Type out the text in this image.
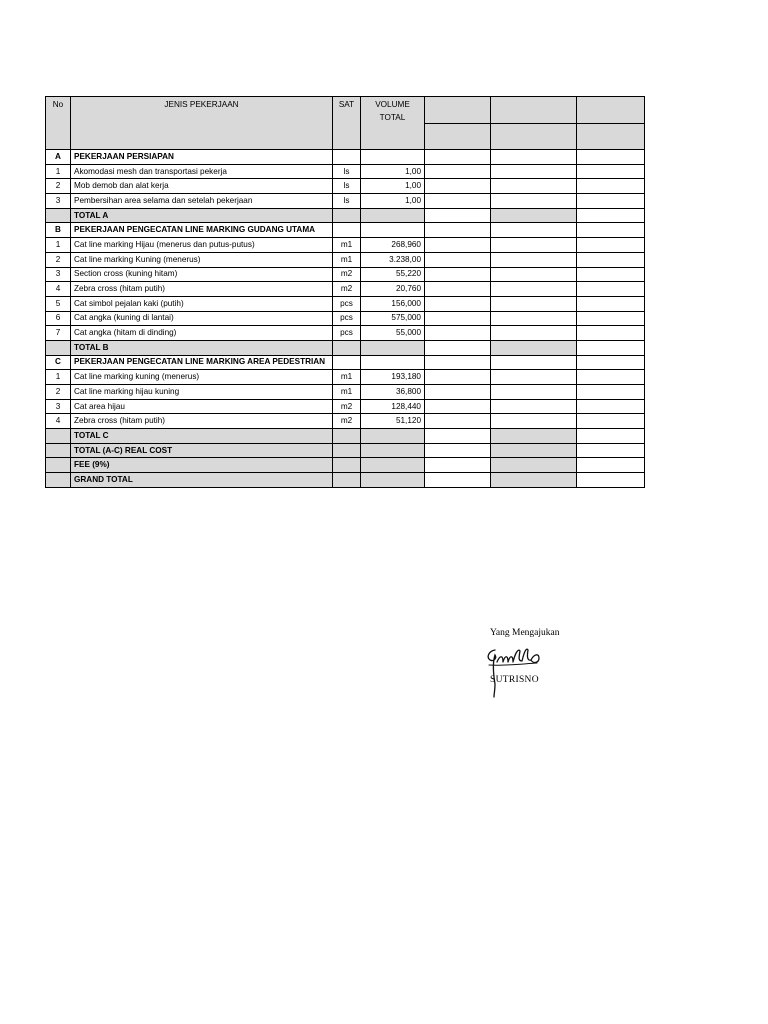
No	JENIS PEKERJAAN	SAT	VOLUME
TOTAL			

A	PEKERJAAN PERSIAPAN					
1	Akomodasi mesh dan transportasi pekerja	ls	1,00			
2	Mob demob dan alat kerja	ls	1,00			
3	Pembersihan area selama dan setelah pekerjaan	ls	1,00			
	TOTAL A					
B	PEKERJAAN PENGECATAN LINE MARKING GUDANG UTAMA					
1	Cat line marking Hijau (menerus dan putus-putus)	m1	268,960			
2	Cat line marking Kuning (menerus)	m1	3.238,00			
3	Section cross (kuning hitam)	m2	55,220			
4	Zebra cross (hitam putih)	m2	20,760			
5	Cat simbol pejalan kaki (putih)	pcs	156,000			
6	Cat angka (kuning di lantai)	pcs	575,000			
7	Cat angka (hitam di dinding)	pcs	55,000			
	TOTAL B					
C	PEKERJAAN PENGECATAN LINE MARKING AREA PEDESTRIAN					
1	Cat line marking kuning (menerus)	m1	193,180			
2	Cat line marking hijau kuning	m1	36,800			
3	Cat area hijau	m2	128,440			
4	Zebra cross (hitam putih)	m2	51,120			
	TOTAL C					
	TOTAL (A-C) REAL COST					
	FEE (9%)					
	GRAND TOTAL					
Yang Mengajukan
SUTRISNO
